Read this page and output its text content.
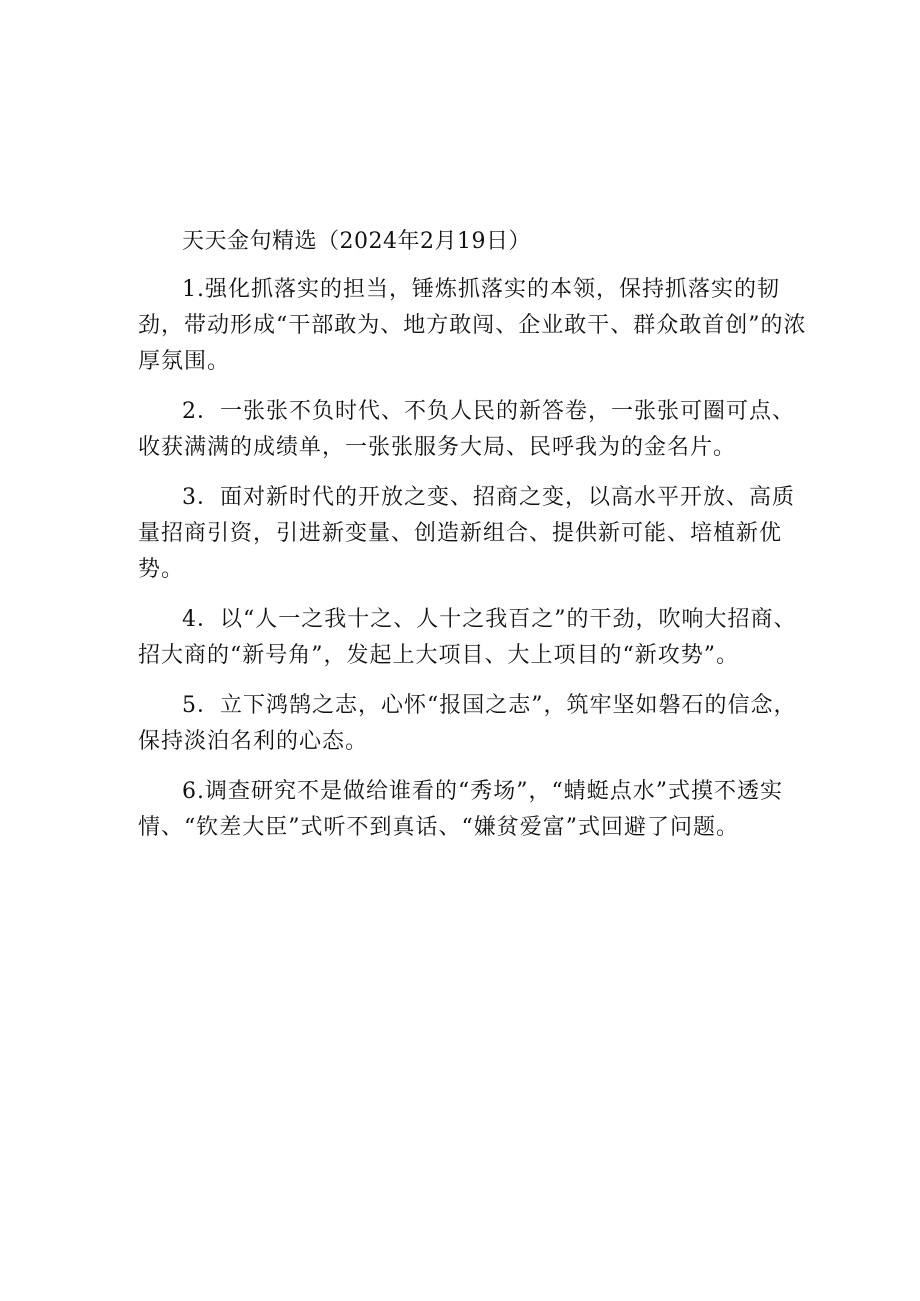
天天金句精选（2024年2月19日）

1.强化抓落实的担当，锤炼抓落实的本领，保持抓落实的韧劲，带动形成“干部敢为、地方敢闯、企业敢干、群众敢首创”的浓厚氛围。

2．一张张不负时代、不负人民的新答卷，一张张可圈可点、收获满满的成绩单，一张张服务大局、民呼我为的金名片。

3．面对新时代的开放之变、招商之变，以高水平开放、高质量招商引资，引进新变量、创造新组合、提供新可能、培植新优势。

4．以“人一之我十之、人十之我百之”的干劲，吹响大招商、招大商的“新号角”，发起上大项目、大上项目的“新攻势”。

5．立下鸿鹄之志，心怀“报国之志”，筑牢坚如磐石的信念，保持淡泊名利的心态。

6.调查研究不是做给谁看的“秀场”，“蜻蜓点水”式摸不透实情、“钦差大臣”式听不到真话、“嫌贫爱富”式回避了问题。
